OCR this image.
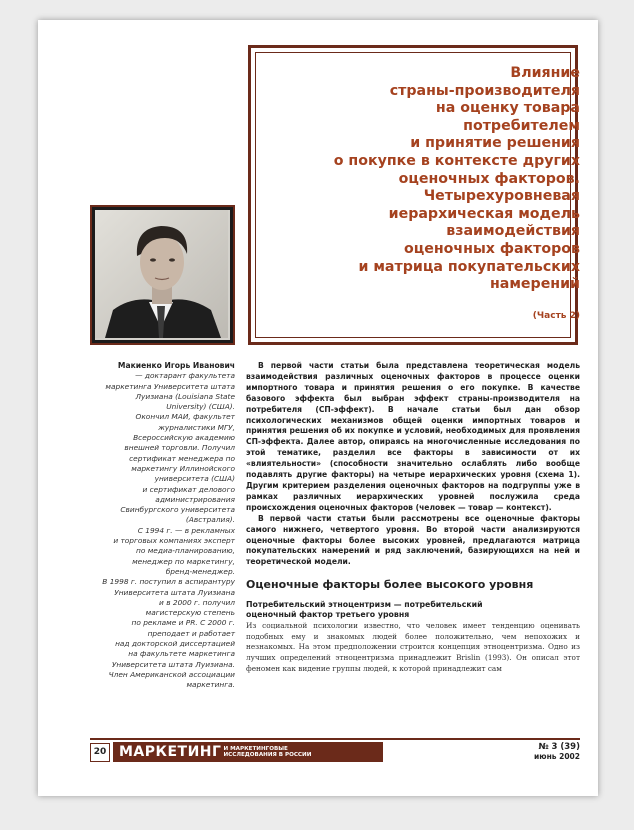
Влияние
страны-производителя
на оценку товара
потребителем
и принятие решения
о покупке в контексте других
оценочных факторов.
Четырехуровневая
иерархическая модель
взаимодействия
оценочных факторов
и матрица покупательских
намерений
(Часть 2)
Макиенко Игорь Иванович
— доктарант факультета
маркетинга Университета штата
Луизиана (Louisiana State
University) (США).
Окончил МАИ, факультет
журналистики МГУ,
Всероссийскую академию
внешней торговли. Получил
сертификат менеджера по
маркетингу Иллинойского
университета (США)
и сертификат делового
администрирования
Свинбургского университета
(Австралия).
С 1994 г. — в рекламных
и торговых компаниях эксперт
по медиа-планированию,
менеджер по маркетингу,
бренд-менеджер.
В 1998 г. поступил в аспирантуру
Университета штата Луизиана
и в 2000 г. получил
магистерскую степень
по рекламе и PR. С 2000 г.
преподает и работает
над докторской диссертацией
на факультете маркетинга
Университета штата Луизиана.
Член Американской ассоциации
маркетинга.

В первой части статьи была представлена теоретическая модель взаимодействия различных оценочных факторов в процессе оценки импортного товара и принятия решения о его покупке. В качестве базового эффекта был выбран эффект страны-производителя на потребителя (СП-эффект). В начале статьи был дан обзор психологических механизмов общей оценки импортных товаров и принятия решения об их покупке и условий, необходимых для проявления СП-эффекта. Далее автор, опираясь на многочисленные исследования по этой тематике, разделил все факторы в зависимости от их «влиятельности» (способности значительно ослаблять либо вообще подавлять другие факторы) на четыре иерархических уровня (схема 1). Другим критерием разделения оценочных факторов на подгруппы уже в рамках различных иерархических уровней послужила среда происхождения оценочных факторов (человек — товар — контекст).

В первой части статьи были рассмотрены все оценочные факторы самого нижнего, четвертого уровня. Во второй части анализируются оценочные факторы более высоких уровней, предлагаются матрица покупательских намерений и ряд заключений, базирующихся на ней и теоретической модели.

Оценочные факторы более высокого уровня
Потребительский этноцентризм — потребительский оценочный фактор третьего уровня
Из социальной психологии известно, что человек имеет тенденцию оценивать подобных ему и знакомых людей более положительно, чем непохожих и незнакомых. На этом предположении строится концепция этноцентризма. Одно из лучших определений этноцентризма принадлежит Brislin (1993). Он описал этот феномен как видение группы людей, к которой принадлежит сам
20 МАРКЕТИНГ И МАРКЕТИНГОВЫЕ
ИССЛЕДОВАНИЯ В РОССИИ
№ 3 (39)
июнь 2002
